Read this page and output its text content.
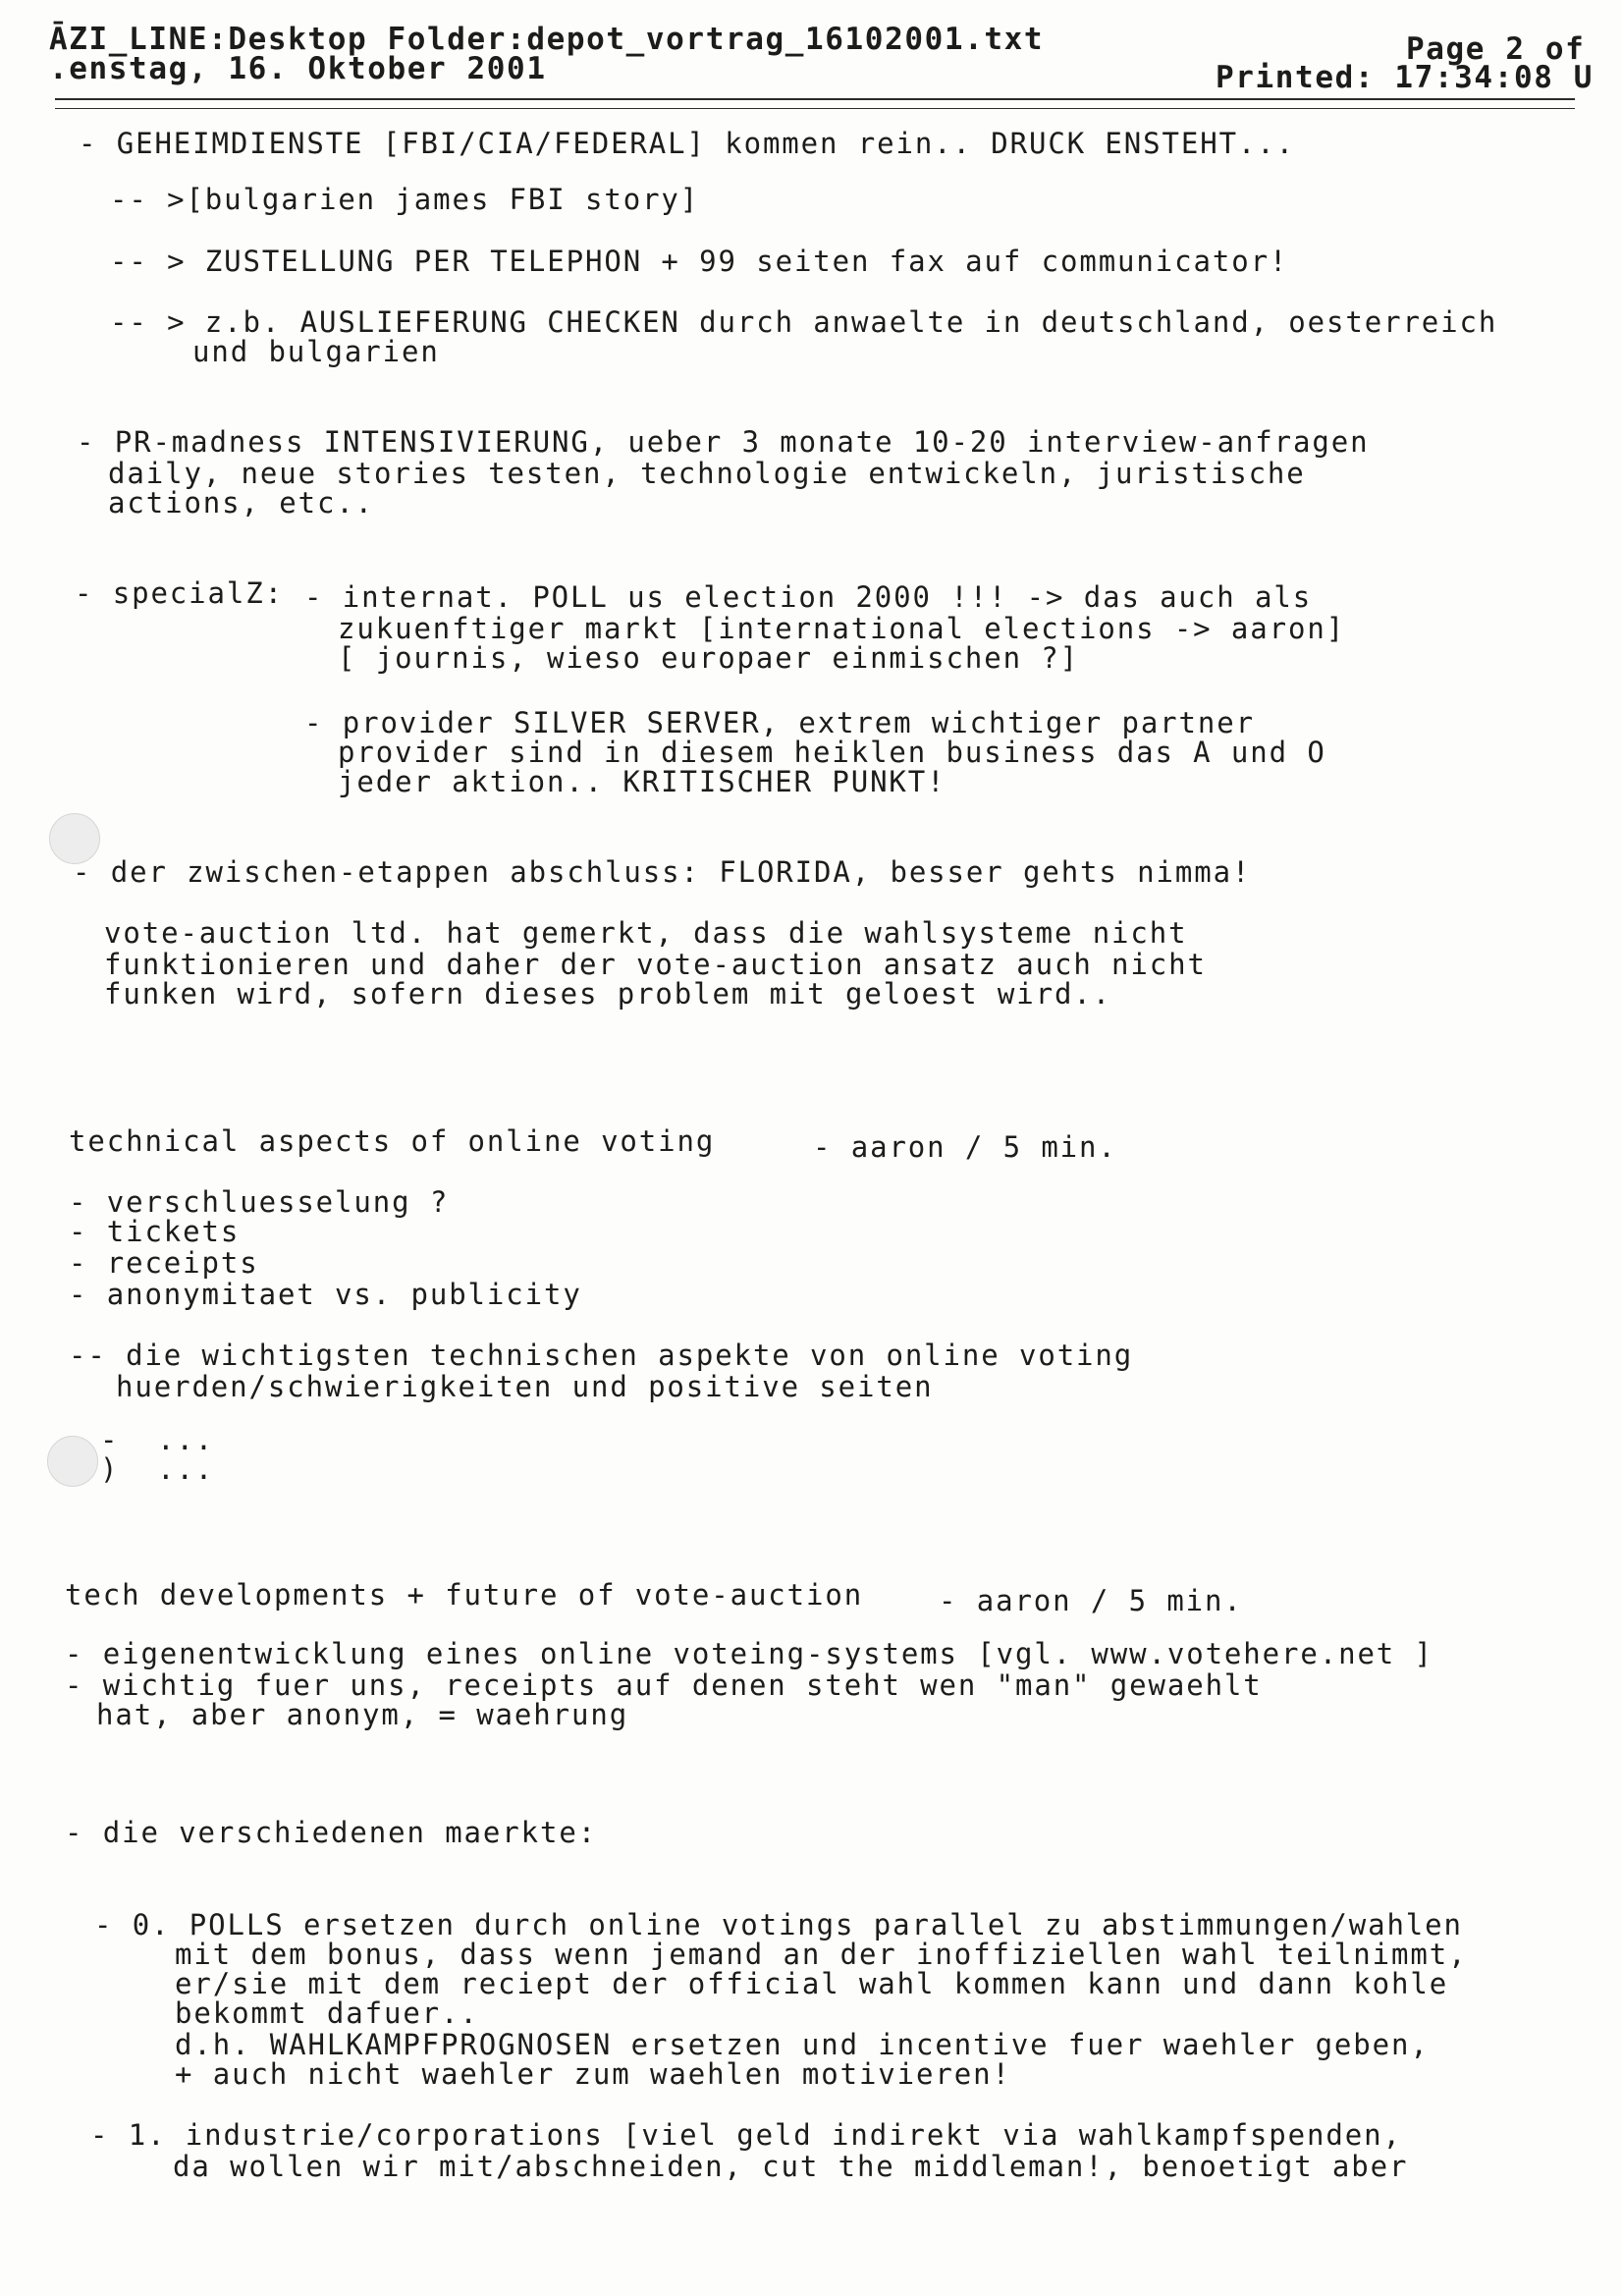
ĀZI_LINE:Desktop Folder:depot_vortrag_16102001.txt
.enstag, 16. Oktober 2001
Page 2 of
Printed: 17:34:08 U
- GEHEIMDIENSTE [FBI/CIA/FEDERAL] kommen rein.. DRUCK ENSTEHT...
-- >[bulgarien james FBI story]
-- > ZUSTELLUNG PER TELEPHON + 99 seiten fax auf communicator!
-- > z.b. AUSLIEFERUNG CHECKEN durch anwaelte in deutschland, oesterreich
und bulgarien
- PR-madness INTENSIVIERUNG, ueber 3 monate 10-20 interview-anfragen
daily, neue stories testen, technologie entwickeln, juristische
actions, etc..
- specialZ: - internat. POLL us election 2000 !!! -> das auch als
zukuenftiger markt [international elections -> aaron]
[ journis, wieso europaer einmischen ?]
- provider SILVER SERVER, extrem wichtiger partner
provider sind in diesem heiklen business das A und O
jeder aktion.. KRITISCHER PUNKT!
- der zwischen-etappen abschluss: FLORIDA, besser gehts nimma!
vote-auction ltd. hat gemerkt, dass die wahlsysteme nicht
funktionieren und daher der vote-auction ansatz auch nicht
funken wird, sofern dieses problem mit geloest wird..
technical aspects of online voting	- aaron / 5 min.
- verschluesselung ?
- tickets
- receipts
- anonymitaet vs. publicity
-- die wichtigsten technischen aspekte von online voting
huerden/schwierigkeiten und positive seiten
-  ...
)  ...
tech developments + future of vote-auction	- aaron / 5 min.
- eigenentwicklung eines online voteing-systems [vgl. www.votehere.net ]
- wichtig fuer uns, receipts auf denen steht wen "man" gewaehlt
hat, aber anonym, = waehrung
- die verschiedenen maerkte:
- 0. POLLS ersetzen durch online votings parallel zu abstimmungen/wahlen
mit dem bonus, dass wenn jemand an der inoffiziellen wahl teilnimmt,
er/sie mit dem reciept der official wahl kommen kann und dann kohle
bekommt dafuer..
d.h. WAHLKAMPFPROGNOSEN ersetzen und incentive fuer waehler geben,
+ auch nicht waehler zum waehlen motivieren!
- 1. industrie/corporations [viel geld indirekt via wahlkampfspenden,
da wollen wir mit/abschneiden, cut the middleman!, benoetigt aber
